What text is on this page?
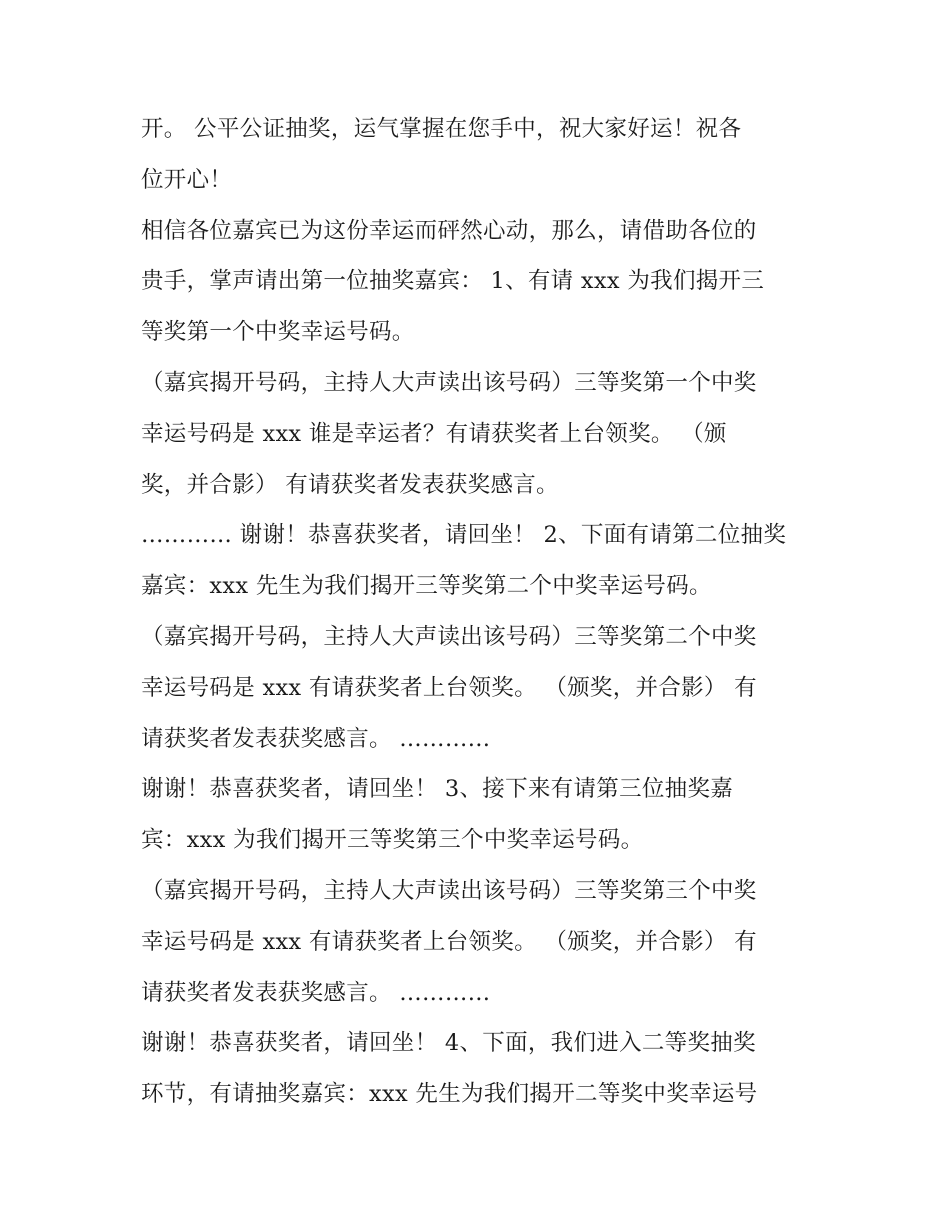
开。 公平公证抽奖，运气掌握在您手中，祝大家好运！祝各
位开心！
相信各位嘉宾已为这份幸运而砰然心动，那么，请借助各位的
贵手，掌声请出第一位抽奖嘉宾： 1、有请 xxx 为我们揭开三
等奖第一个中奖幸运号码。
（嘉宾揭开号码，主持人大声读出该号码）三等奖第一个中奖
幸运号码是 xxx 谁是幸运者？有请获奖者上台领奖。 （颁
奖，并合影） 有请获奖者发表获奖感言。
………… 谢谢！恭喜获奖者，请回坐！ 2、下面有请第二位抽奖
嘉宾：xxx 先生为我们揭开三等奖第二个中奖幸运号码。
（嘉宾揭开号码，主持人大声读出该号码）三等奖第二个中奖
幸运号码是 xxx 有请获奖者上台领奖。 （颁奖，并合影） 有
请获奖者发表获奖感言。 …………
谢谢！恭喜获奖者，请回坐！ 3、接下来有请第三位抽奖嘉
宾：xxx 为我们揭开三等奖第三个中奖幸运号码。
（嘉宾揭开号码，主持人大声读出该号码）三等奖第三个中奖
幸运号码是 xxx 有请获奖者上台领奖。 （颁奖，并合影） 有
请获奖者发表获奖感言。 …………
谢谢！恭喜获奖者，请回坐！ 4、下面，我们进入二等奖抽奖
环节，有请抽奖嘉宾：xxx 先生为我们揭开二等奖中奖幸运号
